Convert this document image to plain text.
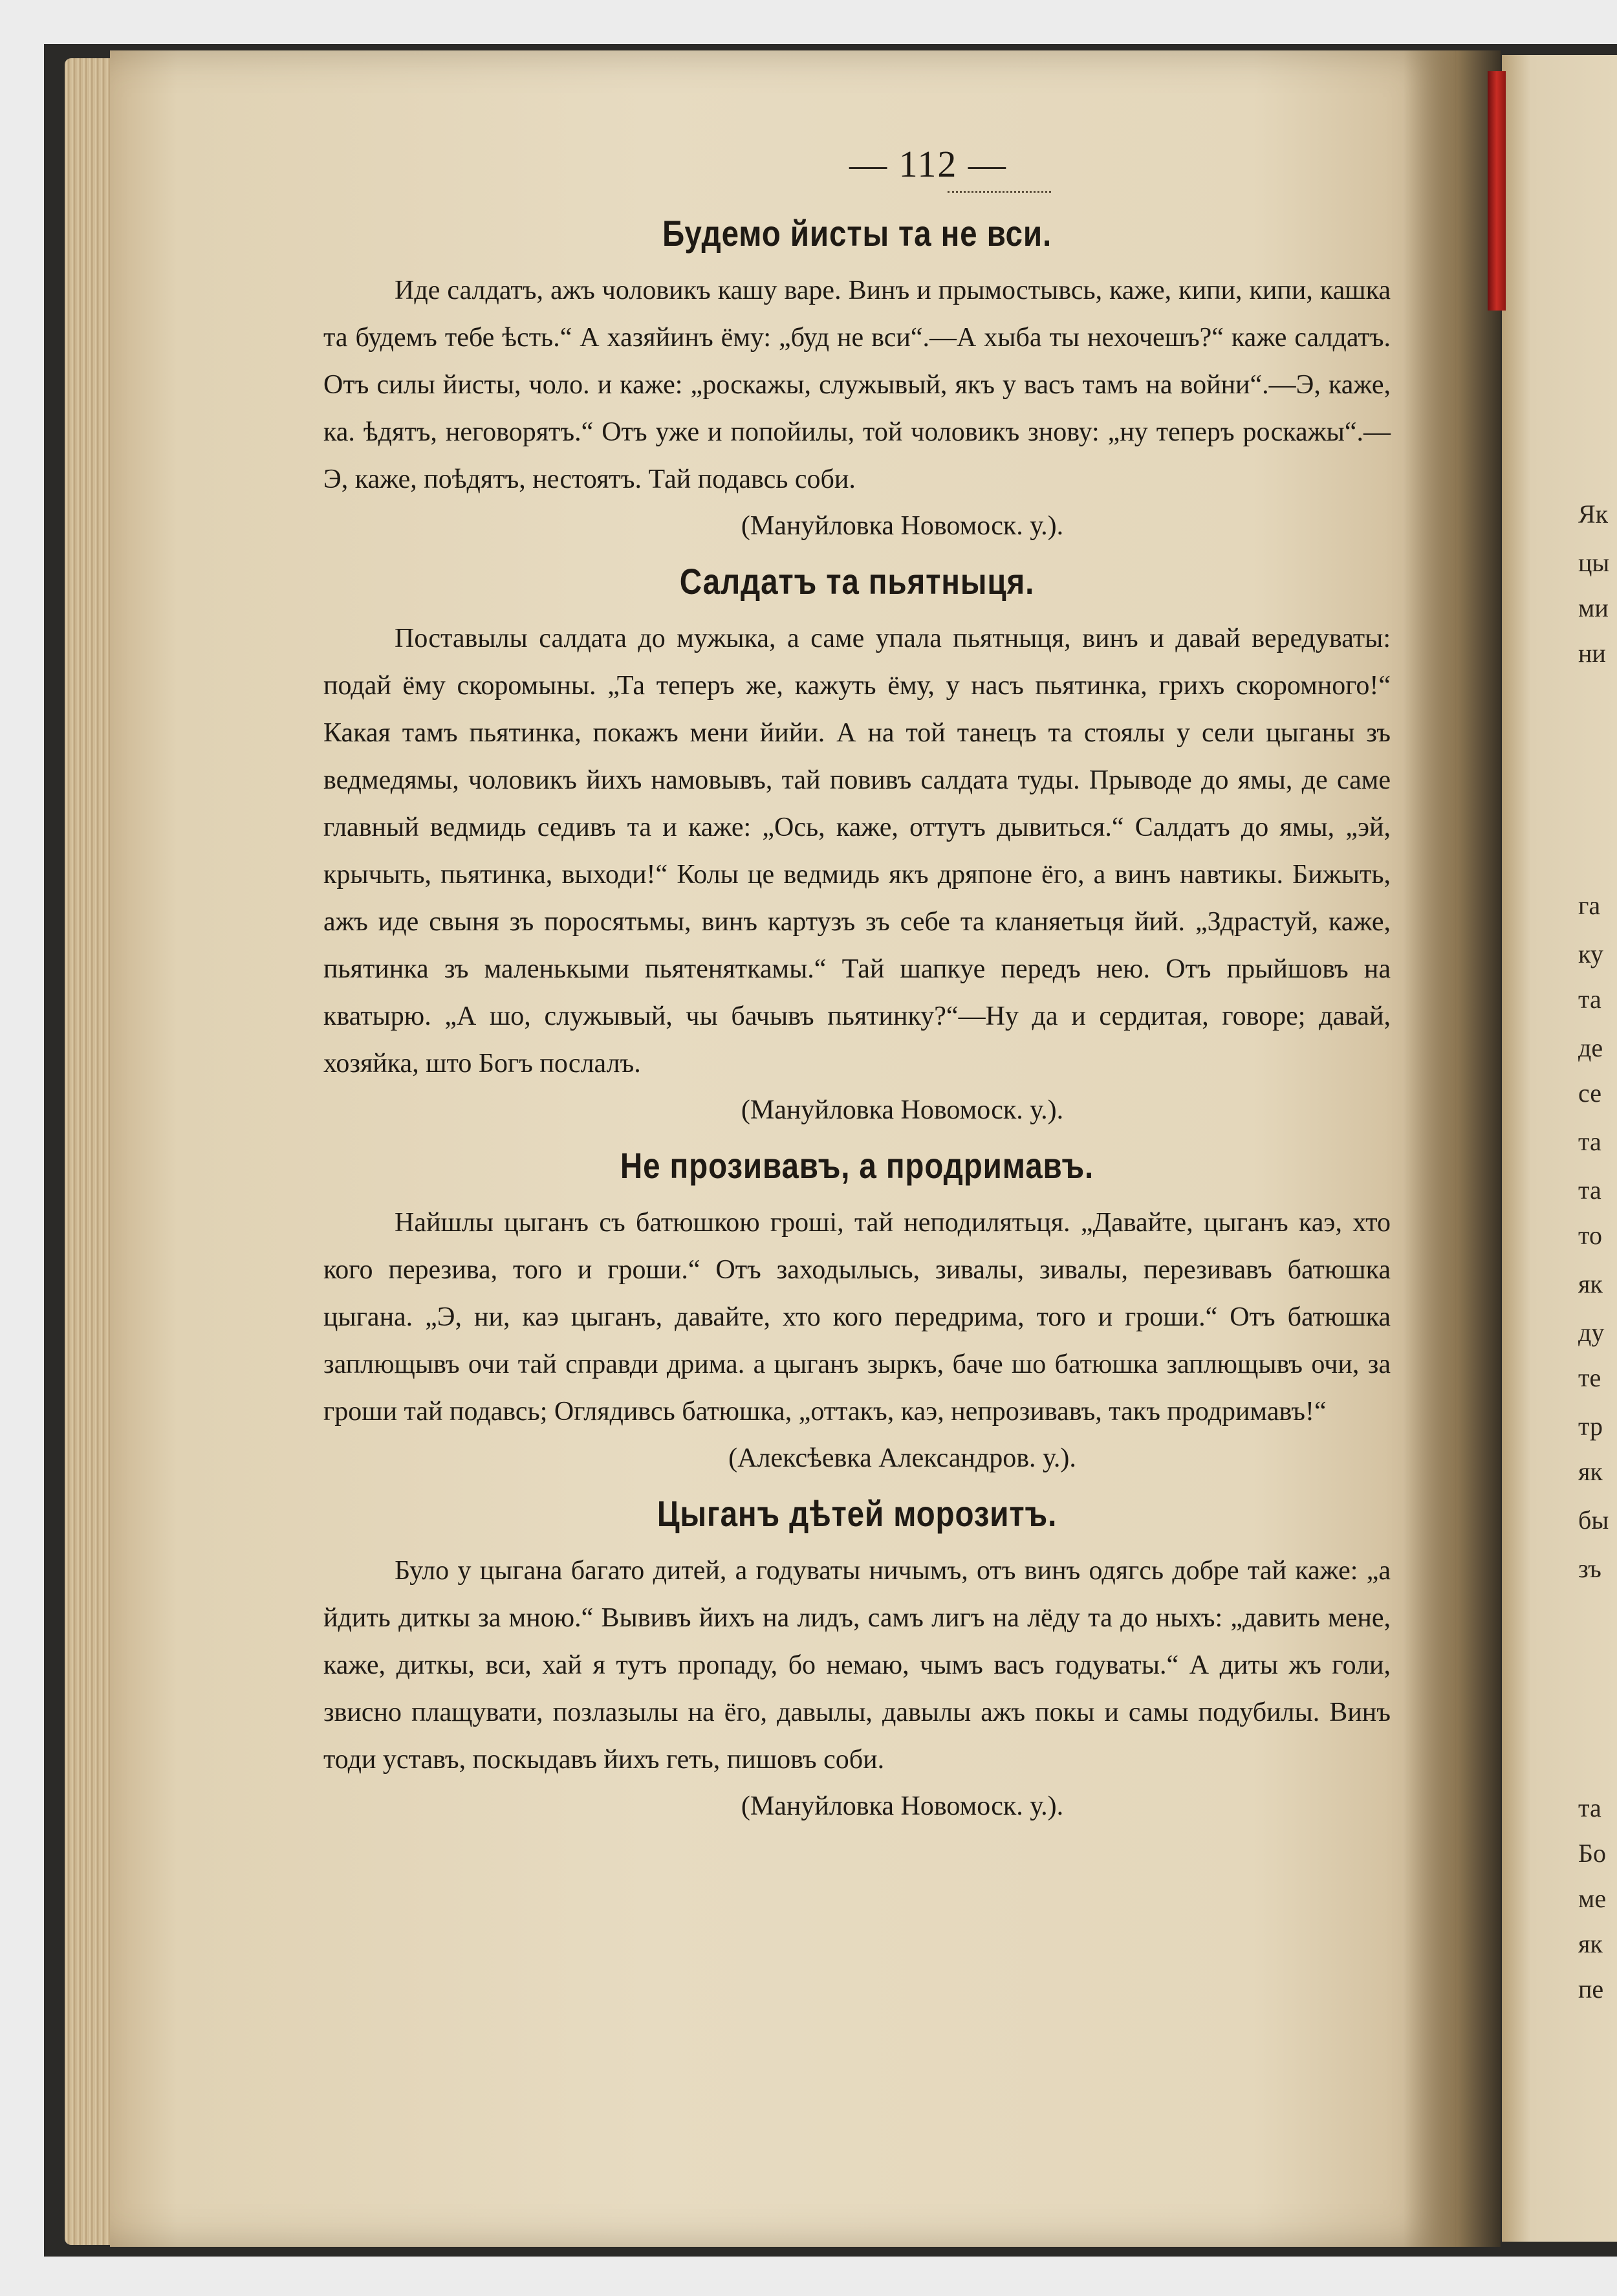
Як
цы
ми
ни
га
ку
та
де
се
та
та
то
як
ду
те
тр
як
бы
зъ
та
Бо
ме
як
пе
— 112 —
Будемо йисты та не вси.

Иде салдатъ, ажъ чоловикъ кашу варе. Винъ и прымостывсь, каже, кипи, кипи, кашка та будемъ тебе ѣсть.“ А хазяйинъ ёму: „буд не вси“.—А хыба ты нехочешъ?“ каже салдатъ. Отъ силы йисты, чоло. и каже: „роскажы, служывый, якъ у васъ тамъ на войни“.—Э, каже, ка. ѣдятъ, неговорятъ.“ Отъ уже и попойилы, той чоловикъ знову: „ну теперъ роскажы“.—Э, каже, поѣдятъ, нестоятъ. Тай подавсь соби.

(Мануйловка Новомоск. у.).

Салдатъ та пьятныця.

Поставылы салдата до мужыка, а саме упала пьятныця, винъ и давай вередуваты: подай ёму скоромыны. „Та теперъ же, кажуть ёму, у насъ пьятинка, грихъ скоромного!“ Какая тамъ пьятинка, покажъ мени йийи. А на той танецъ та стоялы у сели цыганы зъ ведмедямы, чоловикъ йихъ намовывъ, тай повивъ салдата туды. Прыводе до ямы, де саме главный ведмидь седивъ та и каже: „Ось, каже, оттутъ дывиться.“ Салдатъ до ямы, „эй, крычыть, пьятинка, выходи!“ Колы це ведмидь якъ дряпоне ёго, а винъ навтикы. Бижыть, ажъ иде свыня зъ поросятьмы, винъ картузъ зъ себе та кланяетьця йий. „Здрастуй, каже, пьятинка зъ маленькыми пьятеняткамы.“ Тай шапкуе передъ нею. Отъ прыйшовъ на кватырю. „А шо, служывый, чы бачывъ пьятинку?“—Ну да и сердитая, говоре; давай, хозяйка, што Богъ послалъ.

(Мануйловка Новомоск. у.).

Не прозивавъ, а продримавъ.

Найшлы цыганъ съ батюшкою грошi, тай неподилятьця. „Давайте, цыганъ каэ, хто кого перезива, того и гроши.“ Отъ заходылысь, зивалы, зивалы, перезивавъ батюшка цыгана. „Э, ни, каэ цыганъ, давайте, хто кого передрима, того и гроши.“ Отъ батюшка заплющывъ очи тай справди дрима. а цыганъ зыркъ, баче шо батюшка заплющывъ очи, за гроши тай подавсь; Оглядивсь батюшка, „оттакъ, каэ, непрозивавъ, такъ продримавъ!“

(Алексѣевка Александров. у.).

Цыганъ дѣтей морозитъ.

Було у цыгана багато дитей, а годуваты ничымъ, отъ винъ одягсь добре тай каже: „а йдить диткы за мною.“ Вывивъ йихъ на лидъ, самъ лигъ на лёду та до ныхъ: „давить мене, каже, диткы, вси, хай я тутъ пропаду, бо немаю, чымъ васъ годуваты.“ А диты жъ голи, звисно плащувати, позлазылы на ёго, давылы, давылы ажъ покы и самы подубилы. Винъ тоди уставъ, поскыдавъ йихъ геть, пишовъ соби.

(Мануйловка Новомоск. у.).
